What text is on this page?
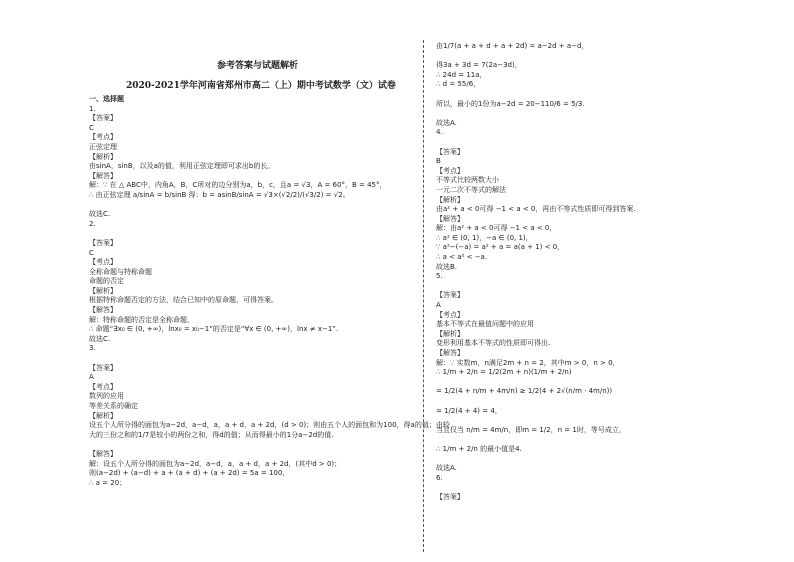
参考答案与试题解析
2020-2021学年河南省郑州市高二（上）期中考试数学（文）试卷
一、选择题
1.
【答案】
C
【考点】
正弦定理
【解析】
由sinA，sinB，以及a的值，利用正弦定理即可求出b的长。
【解答】
解：∵ 在 △ ABC中，内角A，B，C所对的边分别为a，b，c，且a = √3，A = 60°，B = 45°，
∴ 由正弦定理 a/sinA = b/sinB 得：b = asinB/sinA = √3×(√2/2)/(√3/2) = √2。
故选C.
2.
【答案】
C
【考点】
全称命题与特称命题
命题的否定
【解析】
根据特称命题否定的方法，结合已知中的原命题，可得答案。
【解答】
解：特称命题的否定是全称命题，
∴ 命题“∃x₀ ∈ (0, +∞)，lnx₀ = x₀−1”的否定是“∀x ∈ (0, +∞)，lnx ≠ x−1”.
故选C.
3.
【答案】
A
【考点】
数列的应用
等差关系的确定
【解析】
设五个人所分得的面包为a−2d，a−d，a，a + d，a + 2d，(d > 0)；则由五个人的面包和为100，得a的值；由较
大的三份之和的1/7是较小的两份之和，得d的值；从而得最小的1分a−2d的值.
【解答】
解：设五个人所分得的面包为a−2d，a−d，a，a + d，a + 2d，(其中d > 0)；
则(a−2d) + (a−d) + a + (a + d) + (a + 2d) = 5a = 100，
∴ a = 20；
由1/7(a + a + d + a + 2d) = a−2d + a−d，
得3a + 3d = 7(2a−3d)，
∴ 24d = 11a，
∴ d = 55/6，
所以，最小的1份为a−2d = 20−110/6 = 5/3.
故选A.
4.
【答案】
B
【考点】
不等式比较两数大小
一元二次不等式的解法
【解析】
由a² + a < 0可得 −1 < a < 0，再由不等式性质即可得到答案.
【解答】
解：由a² + a < 0可得 −1 < a < 0，
∴ a² ∈ (0, 1)，−a ∈ (0, 1)，
∵ a²−(−a) = a² + a = a(a + 1) < 0，
∴ a < a² < −a.
故选B.
5.
【答案】
A
【考点】
基本不等式在最值问题中的应用
【解析】
变形利用基本不等式的性质即可得出.
【解答】
解：∵ 实数m，n满足2m + n = 2，其中m > 0，n > 0，
∴ 1/m + 2/n = 1/2(2m + n)(1/m + 2/n)
= 1/2(4 + n/m + 4m/n) ≥ 1/2(4 + 2√(n/m · 4m/n))
= 1/2(4 + 4) = 4，
当且仅当 n/m = 4m/n，即m = 1/2，n = 1时，等号成立，
∴ 1/m + 2/n 的最小值是4.
故选A.
6.
【答案】
